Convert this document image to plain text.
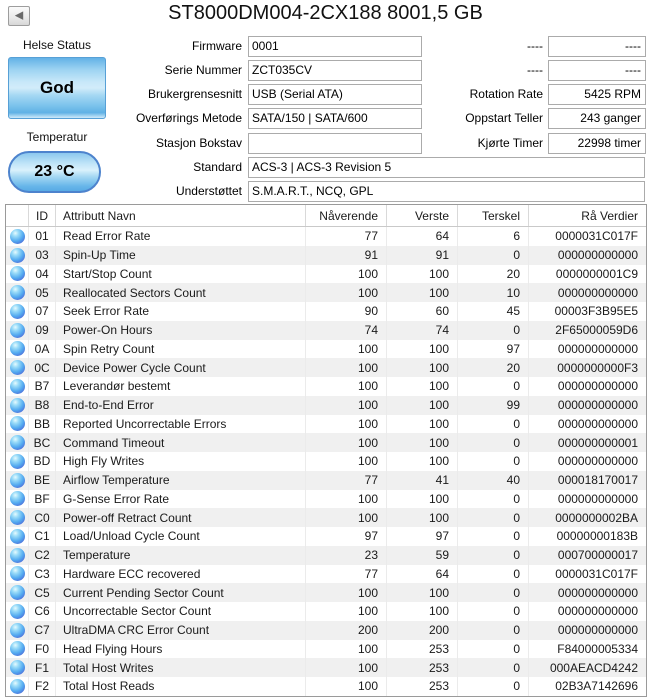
◀	ST8000DM004-2CX188 8001,5 GB
Helse Status
God
Temperatur
23 °C
Firmware 0001
Serie Nummer ZCT035CV
Brukergrensesnitt USB (Serial ATA)
Overførings Metode SATA/150 | SATA/600
Stasjon Bokstav
Standard ACS-3 | ACS-3 Revision 5
Understøttet S.M.A.R.T., NCQ, GPL
----	----
----	----
Rotation Rate	5425 RPM
Oppstart Teller	243 ganger
Kjørte Timer	22998 timer
ID	Attributt Navn	Nåverende	Verste	Terskel	Rå Verdier
01	Read Error Rate	77	64	6	0000031C017F
03	Spin-Up Time	91	91	0	000000000000
04	Start/Stop Count	100	100	20	0000000001C9
05	Reallocated Sectors Count	100	100	10	000000000000
07	Seek Error Rate	90	60	45	00003F3B95E5
09	Power-On Hours	74	74	0	2F65000059D6
0A	Spin Retry Count	100	100	97	000000000000
0C	Device Power Cycle Count	100	100	20	0000000000F3
B7	Leverandør bestemt	100	100	0	000000000000
B8	End-to-End Error	100	100	99	000000000000
BB	Reported Uncorrectable Errors	100	100	0	000000000000
BC	Command Timeout	100	100	0	000000000001
BD	High Fly Writes	100	100	0	000000000000
BE	Airflow Temperature	77	41	40	000018170017
BF	G-Sense Error Rate	100	100	0	000000000000
C0	Power-off Retract Count	100	100	0	0000000002BA
C1	Load/Unload Cycle Count	97	97	0	00000000183B
C2	Temperature	23	59	0	000700000017
C3	Hardware ECC recovered	77	64	0	0000031C017F
C5	Current Pending Sector Count	100	100	0	000000000000
C6	Uncorrectable Sector Count	100	100	0	000000000000
C7	UltraDMA CRC Error Count	200	200	0	000000000000
F0	Head Flying Hours	100	253	0	F84000005334
F1	Total Host Writes	100	253	0	000AEACD4242
F2	Total Host Reads	100	253	0	02B3A7142696
